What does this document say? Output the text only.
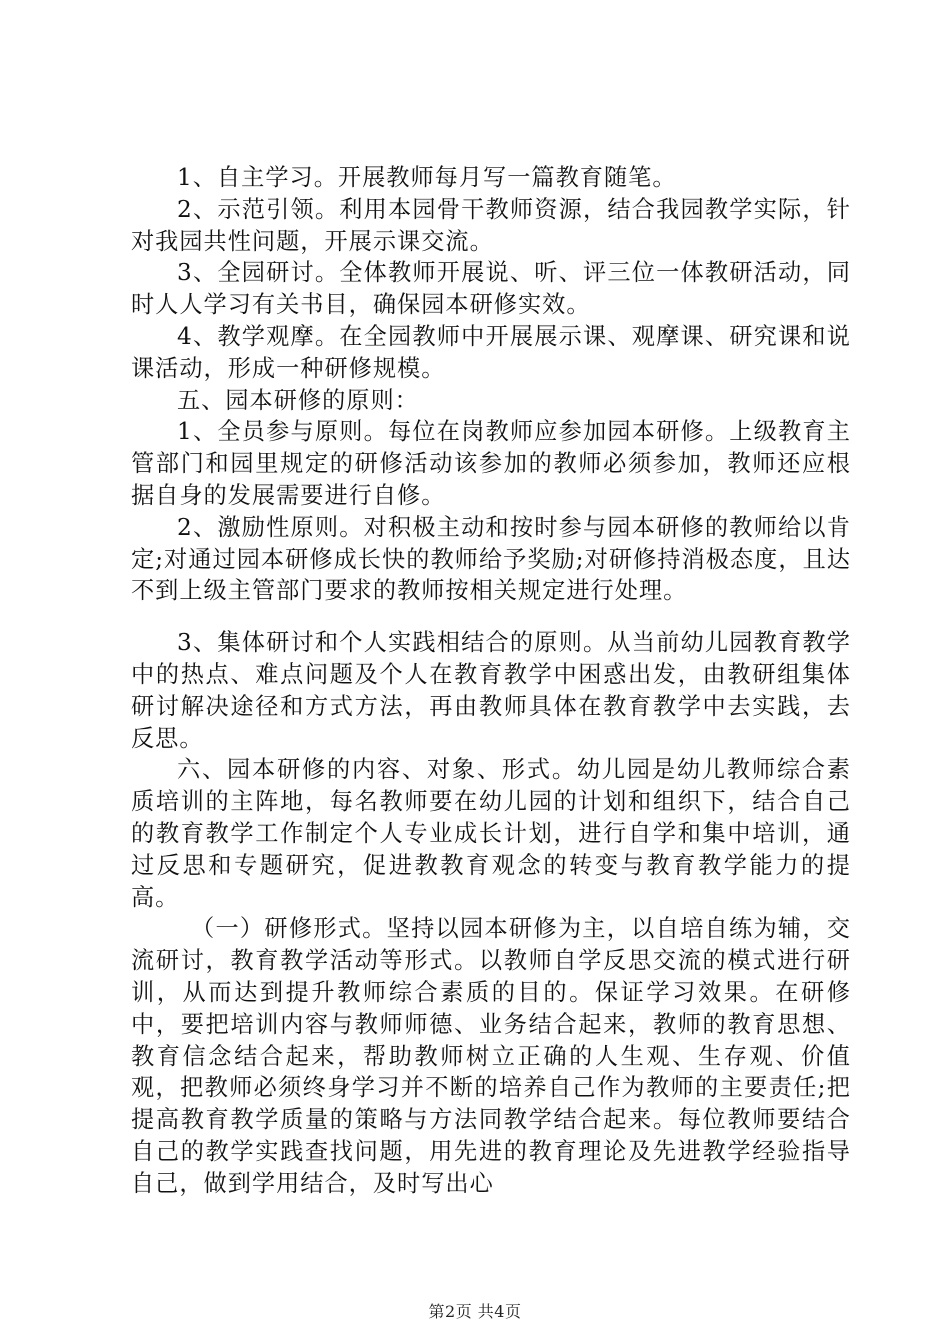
1、自主学习。开展教师每月写一篇教育随笔。

2、示范引领。利用本园骨干教师资源，结合我园教学实际，针对我园共性问题，开展示课交流。

3、全园研讨。全体教师开展说、听、评三位一体教研活动，同时人人学习有关书目，确保园本研修实效。

4、教学观摩。在全园教师中开展展示课、观摩课、研究课和说课活动，形成一种研修规模。

五、园本研修的原则：

1、全员参与原则。每位在岗教师应参加园本研修。上级教育主管部门和园里规定的研修活动该参加的教师必须参加，教师还应根据自身的发展需要进行自修。

2、激励性原则。对积极主动和按时参与园本研修的教师给以肯定;对通过园本研修成长快的教师给予奖励;对研修持消极态度，且达不到上级主管部门要求的教师按相关规定进行处理。

3、集体研讨和个人实践相结合的原则。从当前幼儿园教育教学中的热点、难点问题及个人在教育教学中困惑出发，由教研组集体研讨解决途径和方式方法，再由教师具体在教育教学中去实践，去反思。

六、园本研修的内容、对象、形式。幼儿园是幼儿教师综合素质培训的主阵地，每名教师要在幼儿园的计划和组织下，结合自己的教育教学工作制定个人专业成长计划，进行自学和集中培训，通过反思和专题研究，促进教教育观念的转变与教育教学能力的提高。

（一）研修形式。坚持以园本研修为主，以自培自练为辅，交流研讨，教育教学活动等形式。以教师自学反思交流的模式进行研训，从而达到提升教师综合素质的目的。保证学习效果。在研修中，要把培训内容与教师师德、业务结合起来，教师的教育思想、教育信念结合起来，帮助教师树立正确的人生观、生存观、价值观，把教师必须终身学习并不断的培养自己作为教师的主要责任;把提高教育教学质量的策略与方法同教学结合起来。每位教师要结合自己的教学实践查找问题，用先进的教育理论及先进教学经验指导自己，做到学用结合，及时写出心

第2页 共4页
